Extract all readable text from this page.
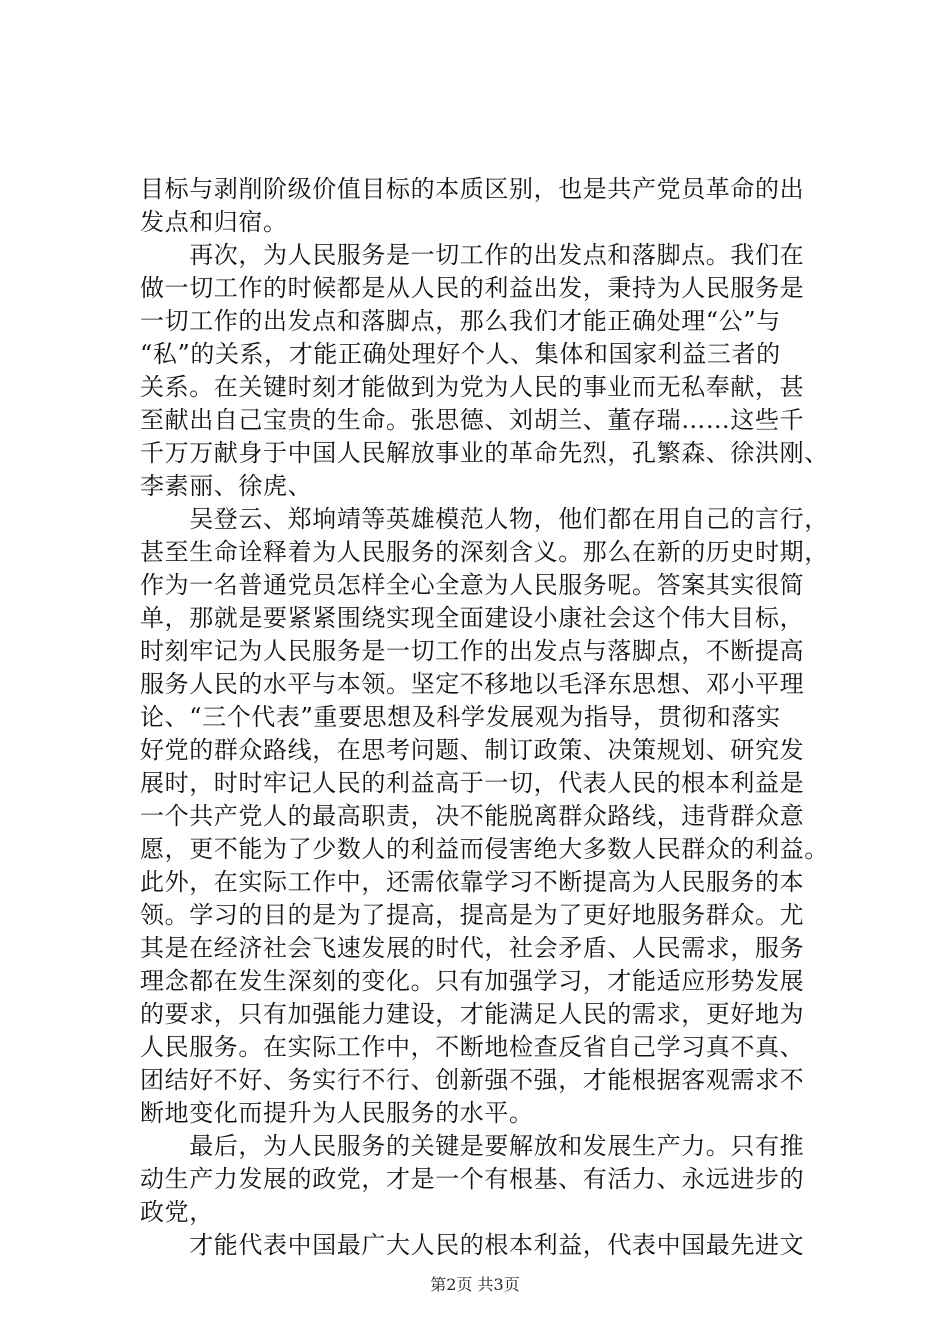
目标与剥削阶级价值目标的本质区别，也是共产党员革命的出
发点和归宿。
　　再次，为人民服务是一切工作的出发点和落脚点。我们在
做一切工作的时候都是从人民的利益出发，秉持为人民服务是
一切工作的出发点和落脚点，那么我们才能正确处理“公”与
“私”的关系，才能正确处理好个人、集体和国家利益三者的
关系。在关键时刻才能做到为党为人民的事业而无私奉献，甚
至献出自己宝贵的生命。张思德、刘胡兰、董存瑞……这些千
千万万献身于中国人民解放事业的革命先烈，孔繁森、徐洪刚、
李素丽、徐虎、
　　吴登云、郑垧靖等英雄模范人物，他们都在用自己的言行，
甚至生命诠释着为人民服务的深刻含义。那么在新的历史时期，
作为一名普通党员怎样全心全意为人民服务呢。答案其实很简
单，那就是要紧紧围绕实现全面建设小康社会这个伟大目标，
时刻牢记为人民服务是一切工作的出发点与落脚点，不断提高
服务人民的水平与本领。坚定不移地以毛泽东思想、邓小平理
论、“三个代表”重要思想及科学发展观为指导，贯彻和落实
好党的群众路线，在思考问题、制订政策、决策规划、研究发
展时，时时牢记人民的利益高于一切，代表人民的根本利益是
一个共产党人的最高职责，决不能脱离群众路线，违背群众意
愿，更不能为了少数人的利益而侵害绝大多数人民群众的利益。
此外，在实际工作中，还需依靠学习不断提高为人民服务的本
领。学习的目的是为了提高，提高是为了更好地服务群众。尤
其是在经济社会飞速发展的时代，社会矛盾、人民需求，服务
理念都在发生深刻的变化。只有加强学习，才能适应形势发展
的要求，只有加强能力建设，才能满足人民的需求，更好地为
人民服务。在实际工作中，不断地检查反省自己学习真不真、
团结好不好、务实行不行、创新强不强，才能根据客观需求不
断地变化而提升为人民服务的水平。
　　最后，为人民服务的关键是要解放和发展生产力。只有推
动生产力发展的政党，才是一个有根基、有活力、永远进步的
政党，
　　才能代表中国最广大人民的根本利益，代表中国最先进文
第2页 共3页
